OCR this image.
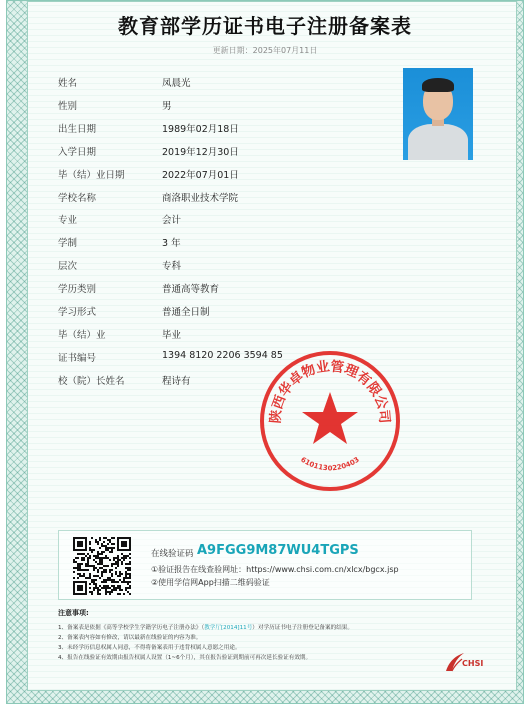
教育部学历证书电子注册备案表
更新日期：2025年07月11日
姓名	凤晨光
性别	男
出生日期	1989年02月18日
入学日期	2019年12月30日
毕（结）业日期	2022年07月01日
学校名称	商洛职业技术学院
专业	会计
学制	3 年
层次	专科
学历类别	普通高等教育
学习形式	普通全日制
毕（结）业	毕业
证书编号	1394 8120 2206 3594 85
校（院）长姓名	程诗有
陕西华卓物业管理有限公司
6101130220403
在线验证码 A9FGG9M87WU4TGPS
①验证报告在线查验网址：https://www.chsi.com.cn/xlcx/bgcx.jsp
②使用学信网App扫描二维码验证
注意事项:
1、备案表是依据《高等学校学生学籍学历电子注册办法》（教学厅[2014]11号）对学历证书电子注册登记备案的结果。
2、备案表内容如有修改，请以最新在线验证的内容为准。
3、未经学历信息权属人同意，不得将备案表用于违背权属人意愿之用途。
4、报告在线验证有效期由报告权属人设置（1~6个月），其在报告验证到期前可再次延长验证有效期。
CHSI
